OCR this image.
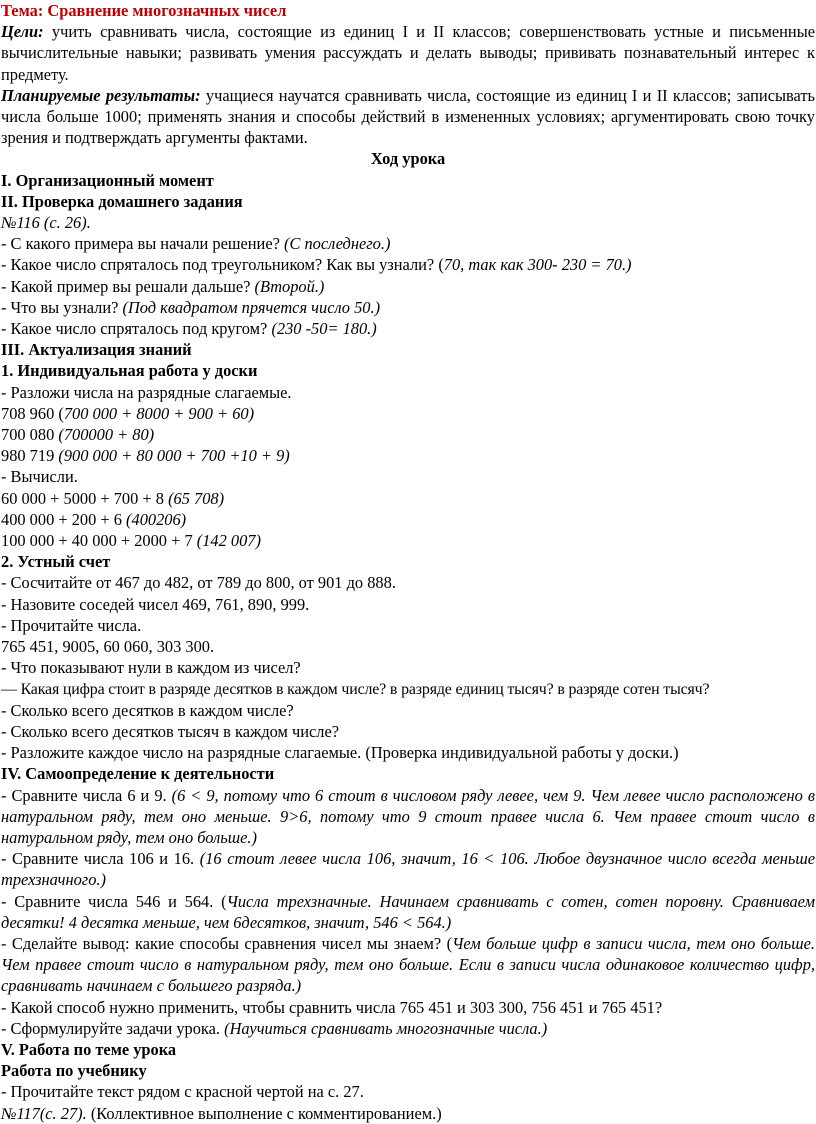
Тема: Сравнение многозначных чисел
Цели: учить сравнивать числа, состоящие из единиц I и II классов; совершенствовать устные и письменные вычислительные навыки; развивать умения рассуждать и делать выводы; прививать познавательный интерес к предмету.
Планируемые результаты: учащиеся научатся сравнивать числа, состоящие из единиц I и II классов; записывать числа больше 1000; применять знания и способы действий в измененных условиях; аргументировать свою точку зрения и подтверждать аргументы фактами.
Ход урока
I. Организационный момент
II. Проверка домашнего задания
№116 (с. 26).
- С какого примера вы начали решение? (С последнего.)
- Какое число спряталось под треугольником? Как вы узнали? (70, так как 300- 230 = 70.)
- Какой пример вы решали дальше? (Второй.)
- Что вы узнали? (Под квадратом прячется число 50.)
- Какое число спряталось под кругом? (230 -50= 180.)
III. Актуализация знаний
1. Индивидуальная работа у доски
- Разложи числа на разрядные слагаемые.
708 960 (700 000 + 8000 + 900 + 60)
700 080 (700000 + 80)
980 719 (900 000 + 80 000 + 700 +10 + 9)
- Вычисли.
60 000 + 5000 + 700 + 8 (65 708)
400 000 + 200 + 6 (400206)
100 000 + 40 000 + 2000 + 7 (142 007)
2. Устный счет
- Сосчитайте от 467 до 482, от 789 до 800, от 901 до 888.
- Назовите соседей чисел 469, 761, 890, 999.
- Прочитайте числа.
765 451, 9005, 60 060, 303 300.
- Что показывают нули в каждом из чисел?
— Какая цифра стоит в разряде десятков в каждом числе? в разряде единиц тысяч? в разряде сотен тысяч?
- Сколько всего десятков в каждом числе?
- Сколько всего десятков тысяч в каждом числе?
- Разложите каждое число на разрядные слагаемые. (Проверка индивидуальной работы у доски.)
IV. Самоопределение к деятельности
- Сравните числа 6 и 9. (6 < 9, потому что 6 стоит в числовом ряду левее, чем 9. Чем левее число расположено в натуральном ряду, тем оно меньше. 9>6, потому что 9 стоит правее числа 6. Чем правее стоит число в натуральном ряду, тем оно больше.)
- Сравните числа 106 и 16. (16 стоит левее числа 106, значит, 16 < 106. Любое двузначное число всегда меньше трехзначного.)
- Сравните числа 546 и 564. (Числа трехзначные. Начинаем сравнивать с сотен, сотен поровну. Сравниваем десятки! 4 десятка меньше, чем 6десятков, значит, 546 < 564.)
- Сделайте вывод: какие способы сравнения чисел мы знаем? (Чем больше цифр в записи числа, тем оно больше. Чем правее стоит число в натуральном ряду, тем оно больше. Если в записи числа одинаковое количество цифр, сравнивать начинаем с большего разряда.)
- Какой способ нужно применить, чтобы сравнить числа 765 451 и 303 300, 756 451 и 765 451?
- Сформулируйте задачи урока. (Научиться сравнивать многозначные числа.)
V. Работа по теме урока
Работа по учебнику
- Прочитайте текст рядом с красной чертой на с. 27.
№117(с. 27). (Коллективное выполнение с комментированием.)
